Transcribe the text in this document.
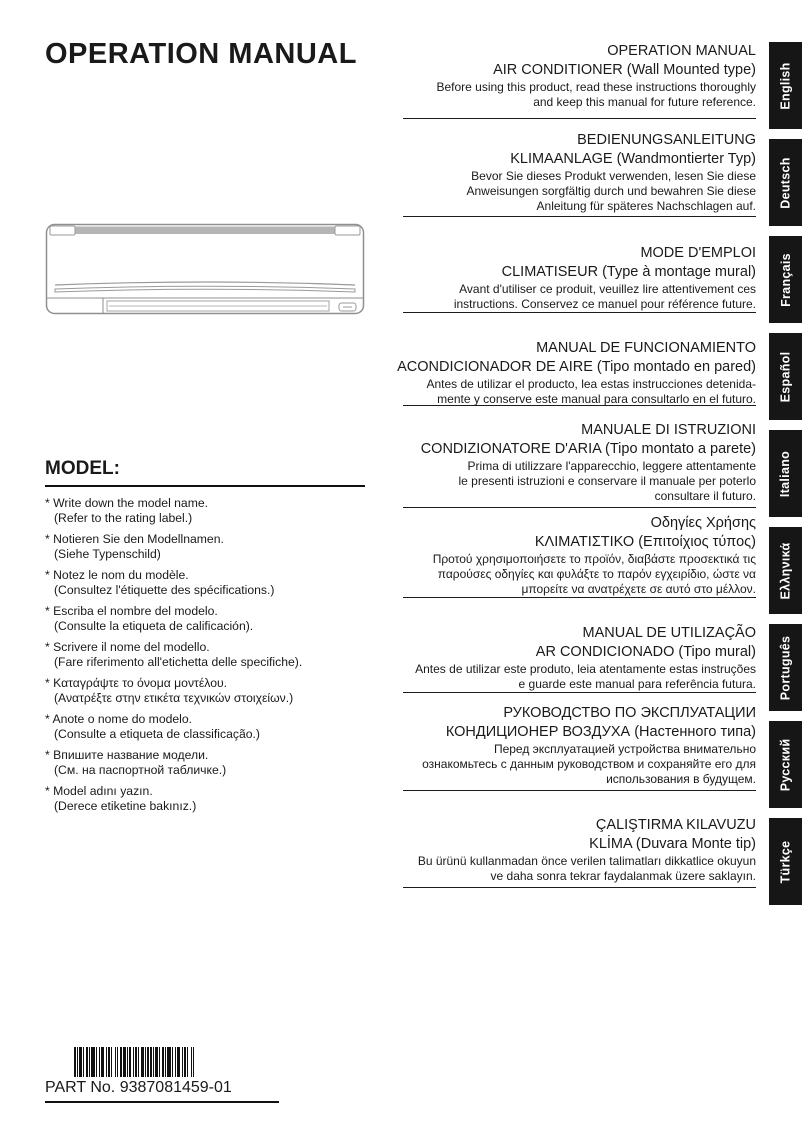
OPERATION MANUAL
MODEL:
* Write down the model name.
(Refer to the rating label.)
* Notieren Sie den Modellnamen.
(Siehe Typenschild)
* Notez le nom du modèle.
(Consultez l'étiquette des spécifications.)
* Escriba el nombre del modelo.
(Consulte la etiqueta de calificación).
* Scrivere il nome del modello.
(Fare riferimento all'etichetta delle specifiche).
* Καταγράψτε το όνομα μοντέλου.
(Ανατρέξτε στην ετικέτα τεχνικών στοιχείων.)
* Anote o nome do modelo.
(Consulte a etiqueta de classificação.)
* Впишите название модели.
(См. на паспортной табличке.)
* Model adını yazın.
(Derece etiketine bakınız.)
OPERATION MANUAL
AIR CONDITIONER (Wall Mounted type)
Before using this product, read these instructions thoroughly
and keep this manual for future reference.
BEDIENUNGSANLEITUNG
KLIMAANLAGE (Wandmontierter Typ)
Bevor Sie dieses Produkt verwenden, lesen Sie diese
Anweisungen sorgfältig durch und bewahren Sie diese
Anleitung für späteres Nachschlagen auf.
MODE D'EMPLOI
CLIMATISEUR (Type à montage mural)
Avant d'utiliser ce produit, veuillez lire attentivement ces
instructions. Conservez ce manuel pour référence future.
MANUAL DE FUNCIONAMIENTO
ACONDICIONADOR DE AIRE (Tipo montado en pared)
Antes de utilizar el producto, lea estas instrucciones detenida-
mente y conserve este manual para consultarlo en el futuro.
MANUALE DI ISTRUZIONI
CONDIZIONATORE D'ARIA (Tipo montato a parete)
Prima di utilizzare l'apparecchio, leggere attentamente
le presenti istruzioni e conservare il manuale per poterlo
consultare il futuro.
Οδηγίες Χρήσης
ΚΛΙΜΑΤΙΣΤΙΚΟ (Επιτοίχιος τύπος)
Προτού χρησιμοποιήσετε το προϊόν, διαβάστε προσεκτικά τις
παρούσες οδηγίες και φυλάξτε το παρόν εγχειρίδιο, ώστε να
μπορείτε να ανατρέχετε σε αυτό στο μέλλον.
MANUAL DE UTILIZAÇÃO
AR CONDICIONADO (Tipo mural)
Antes de utilizar este produto, leia atentamente estas instruções
e guarde este manual para referência futura.
РУКОВОДСТВО ПО ЭКСПЛУАТАЦИИ
КОНДИЦИОНЕР ВОЗДУХА (Настенного типа)
Перед эксплуатацией устройства внимательно
ознакомьтесь с данным руководством и сохраняйте его для
использования в будущем.
ÇALIŞTIRMA KILAVUZU
KLİMA (Duvara Monte tip)
Bu ürünü kullanmadan önce verilen talimatları dikkatlice okuyun
ve daha sonra tekrar faydalanmak üzere saklayın.
English
Deutsch
Français
Español
Italiano
Ελληνικά
Português
Русский
Türkçe
PART No. 9387081459-01
